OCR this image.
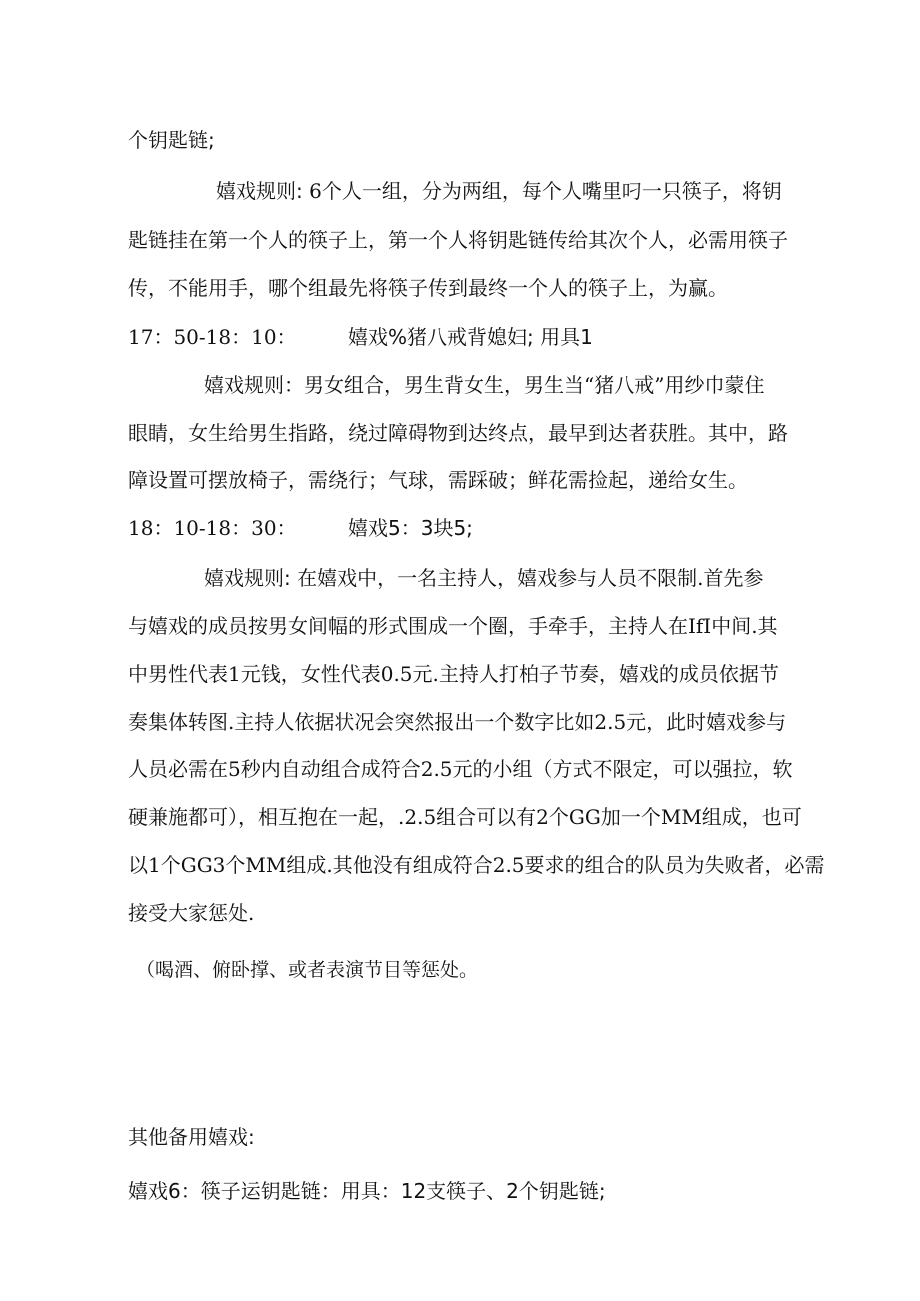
个钥匙链;
嬉戏规则: 6个人一组，分为两组，每个人嘴里叼一只筷子，将钥
匙链挂在第一个人的筷子上，第一个人将钥匙链传给其次个人，必需用筷子
传，不能用手，哪个组最先将筷子传到最终一个人的筷子上，为赢。
17：50-18：10：	嬉戏%猪八戒背媳妇; 用具1
嬉戏规则：男女组合，男生背女生，男生当“猪八戒”用纱巾蒙住
眼睛，女生给男生指路，绕过障碍物到达终点，最早到达者获胜。其中，路
障设置可摆放椅子，需绕行；气球，需踩破；鲜花需捡起，递给女生。
18：10-18：30：	嬉戏5：3块5;
嬉戏规则: 在嬉戏中，一名主持人，嬉戏参与人员不限制.首先参
与嬉戏的成员按男女间幅的形式围成一个圈，手牵手，主持人在IfI中间.其
中男性代表1元钱，女性代表0.5元.主持人打柏子节奏，嬉戏的成员依据节
奏集体转图.主持人依据状况会突然报出一个数字比如2.5元，此时嬉戏参与
人员必需在5秒内自动组合成符合2.5元的小组（方式不限定，可以强拉，软
硬兼施都可），相互抱在一起，.2.5组合可以有2个GG加一个MM组成，也可
以1个GG3个MM组成.其他没有组成符合2.5要求的组合的队员为失败者，必需
接受大家惩处.
（喝酒、俯卧撑、或者表演节目等惩处。
其他备用嬉戏:
嬉戏6：筷子运钥匙链：用具：12支筷子、2个钥匙链;
